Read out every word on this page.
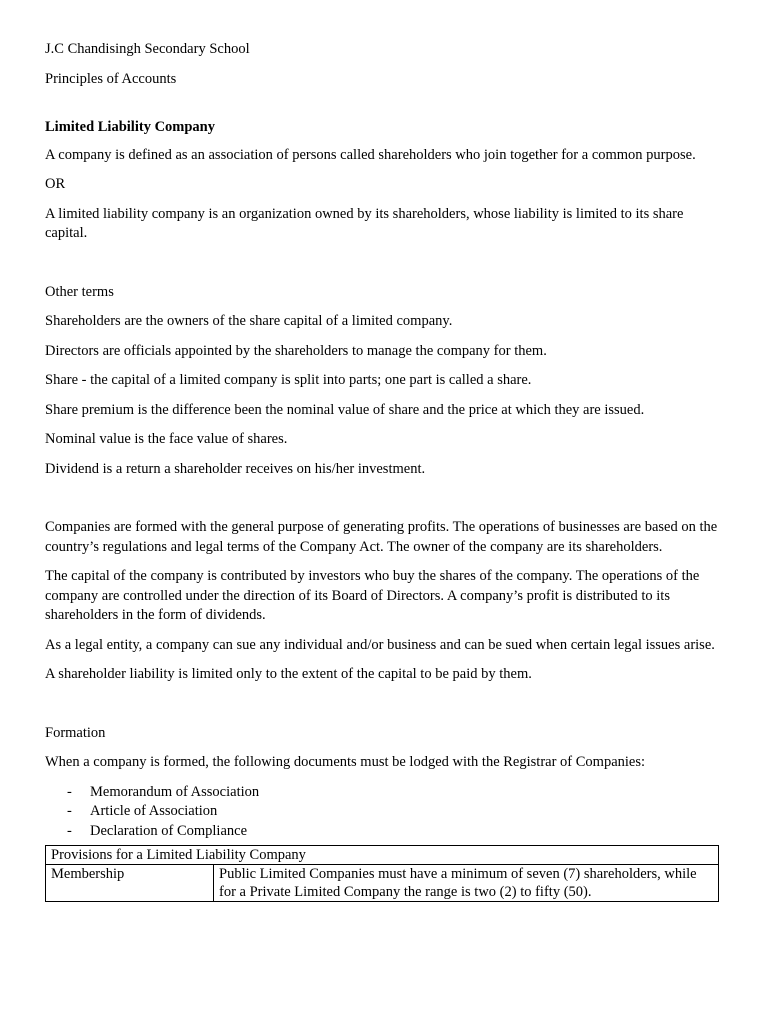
J.C Chandisingh Secondary School

Principles of Accounts

Limited Liability Company

A company is defined as an association of persons called shareholders who join together for a common purpose.

OR

A limited liability company is an organization owned by its shareholders, whose liability is limited to its share capital.

Other terms

Shareholders are the owners of the share capital of a limited company.

Directors are officials appointed by the shareholders to manage the company for them.

Share - the capital of a limited company is split into parts; one part is called a share.

Share premium is the difference been the nominal value of share and the price at which they are issued.

Nominal value is the face value of shares.

Dividend is a return a shareholder receives on his/her investment.

Companies are formed with the general purpose of generating profits. The operations of businesses are based on the country’s regulations and legal terms of the Company Act. The owner of the company are its shareholders.

The capital of the company is contributed by investors who buy the shares of the company. The operations of the company are controlled under the direction of its Board of Directors. A company’s profit is distributed to its shareholders in the form of dividends.

As a legal entity, a company can sue any individual and/or business and can be sued when certain legal issues arise.

A shareholder liability is limited only to the extent of the capital to be paid by them.

Formation

When a company is formed, the following documents must be lodged with the Registrar of Companies:

- Memorandum of Association
- Article of Association
- Declaration of Compliance
Provisions for a Limited Liability Company
Membership	Public Limited Companies must have a minimum of seven (7) shareholders, while for a Private Limited Company the range is two (2) to fifty (50).
